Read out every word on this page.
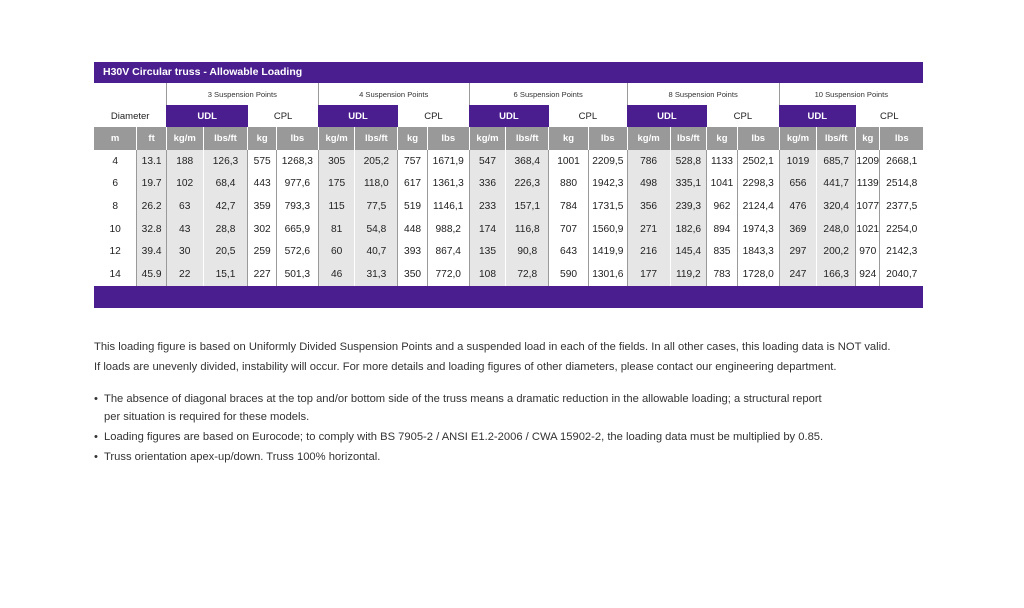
H30V Circular truss - Allowable Loading
		3 Suspension Points				4 Suspension Points				6 Suspension Points				8 Suspension Points				10 Suspension Points			
Diameter		UDL		CPL		UDL		CPL		UDL		CPL		UDL		CPL		UDL		CPL	
m	ft	kg/m	lbs/ft	kg	lbs	kg/m	lbs/ft	kg	lbs	kg/m	lbs/ft	kg	lbs	kg/m	lbs/ft	kg	lbs	kg/m	lbs/ft	kg	lbs
4	13.1	188	126,3	575	1268,3	305	205,2	757	1671,9	547	368,4	1001	2209,5	786	528,8	1133	2502,1	1019	685,7	1209	2668,1
6	19.7	102	68,4	443	977,6	175	118,0	617	1361,3	336	226,3	880	1942,3	498	335,1	1041	2298,3	656	441,7	1139	2514,8
8	26.2	63	42,7	359	793,3	115	77,5	519	1146,1	233	157,1	784	1731,5	356	239,3	962	2124,4	476	320,4	1077	2377,5
10	32.8	43	28,8	302	665,9	81	54,8	448	988,2	174	116,8	707	1560,9	271	182,6	894	1974,3	369	248,0	1021	2254,0
12	39.4	30	20,5	259	572,6	60	40,7	393	867,4	135	90,8	643	1419,9	216	145,4	835	1843,3	297	200,2	970	2142,3
14	45.9	22	15,1	227	501,3	46	31,3	350	772,0	108	72,8	590	1301,6	177	119,2	783	1728,0	247	166,3	924	2040,7

This loading figure is based on Uniformly Divided Suspension Points and a suspended load in each of the fields. In all other cases, this loading data is NOT valid.

If loads are unevenly divided, instability will occur. For more details and loading figures of other diameters, please contact our engineering department.

• The absence of diagonal braces at the top and/or bottom side of the truss means a dramatic reduction in the allowable loading; a structural report
per situation is required for these models.
• Loading figures are based on Eurocode; to comply with BS 7905-2 / ANSI E1.2-2006 / CWA 15902-2, the loading data must be multiplied by 0.85.
• Truss orientation apex-up/down. Truss 100% horizontal.
